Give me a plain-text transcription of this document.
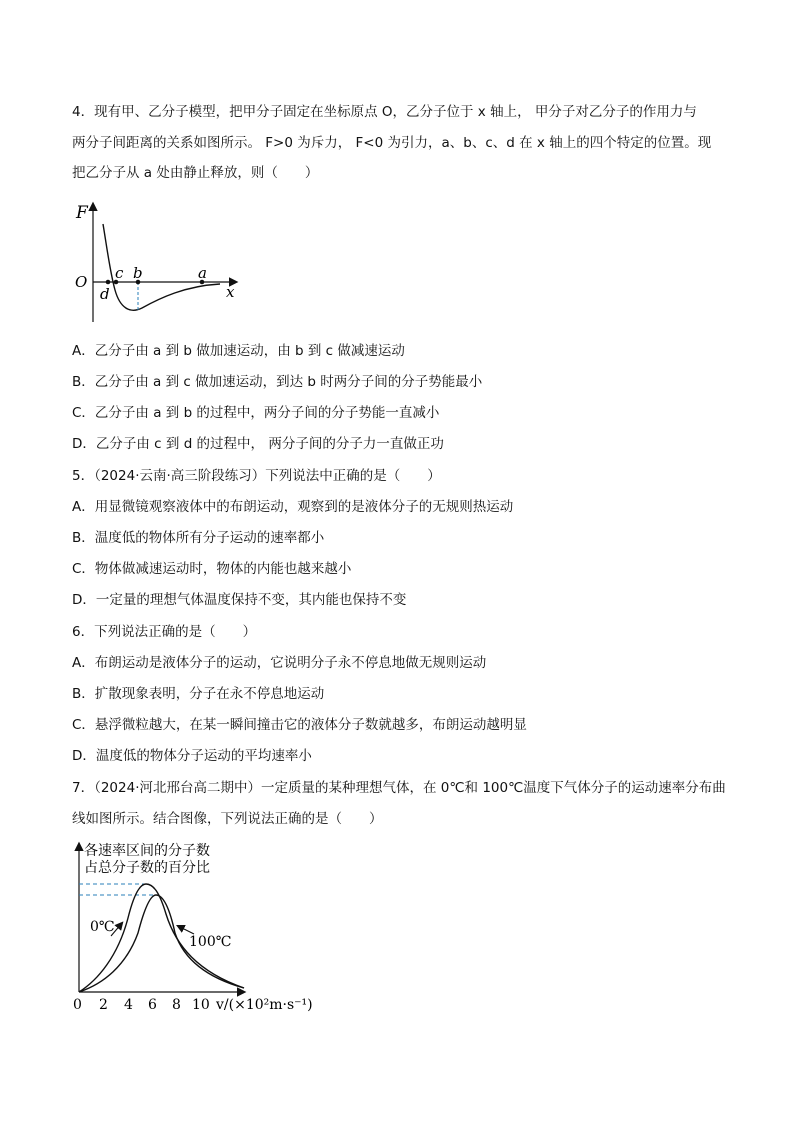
4．现有甲、乙分子模型，把甲分子固定在坐标原点 O，乙分子位于 x 轴上， 甲分子对乙分子的作用力与
两分子间距离的关系如图所示。 F>0 为斥力， F<0 为引力，a、b、c、d 在 x 轴上的四个特定的位置。现
把乙分子从 a 处由静止释放，则（　　）
F
O c b	a
d	x
A．乙分子由 a 到 b 做加速运动，由 b 到 c 做减速运动
B．乙分子由 a 到 c 做加速运动，到达 b 时两分子间的分子势能最小
C．乙分子由 a 到 b 的过程中，两分子间的分子势能一直减小
D．乙分子由 c 到 d 的过程中， 两分子间的分子力一直做正功
5．（2024·云南·高三阶段练习）下列说法中正确的是（　　）
A．用显微镜观察液体中的布朗运动，观察到的是液体分子的无规则热运动
B．温度低的物体所有分子运动的速率都小
C．物体做减速运动时，物体的内能也越来越小
D．一定量的理想气体温度保持不变，其内能也保持不变
6．下列说法正确的是（　　）
A．布朗运动是液体分子的运动，它说明分子永不停息地做无规则运动
B．扩散现象表明，分子在永不停息地运动
C．悬浮微粒越大，在某一瞬间撞击它的液体分子数就越多，布朗运动越明显
D．温度低的物体分子运动的平均速率小
7．（2024·河北邢台高二期中）一定质量的某种理想气体，在 0℃和 100℃温度下气体分子的运动速率分布曲
线如图所示。结合图像，下列说法正确的是（　　）
各速率区间的分子数
占总分子数的百分比
0℃
100℃
0 2 4 6 8 10 v/(×10²m·s⁻¹)
